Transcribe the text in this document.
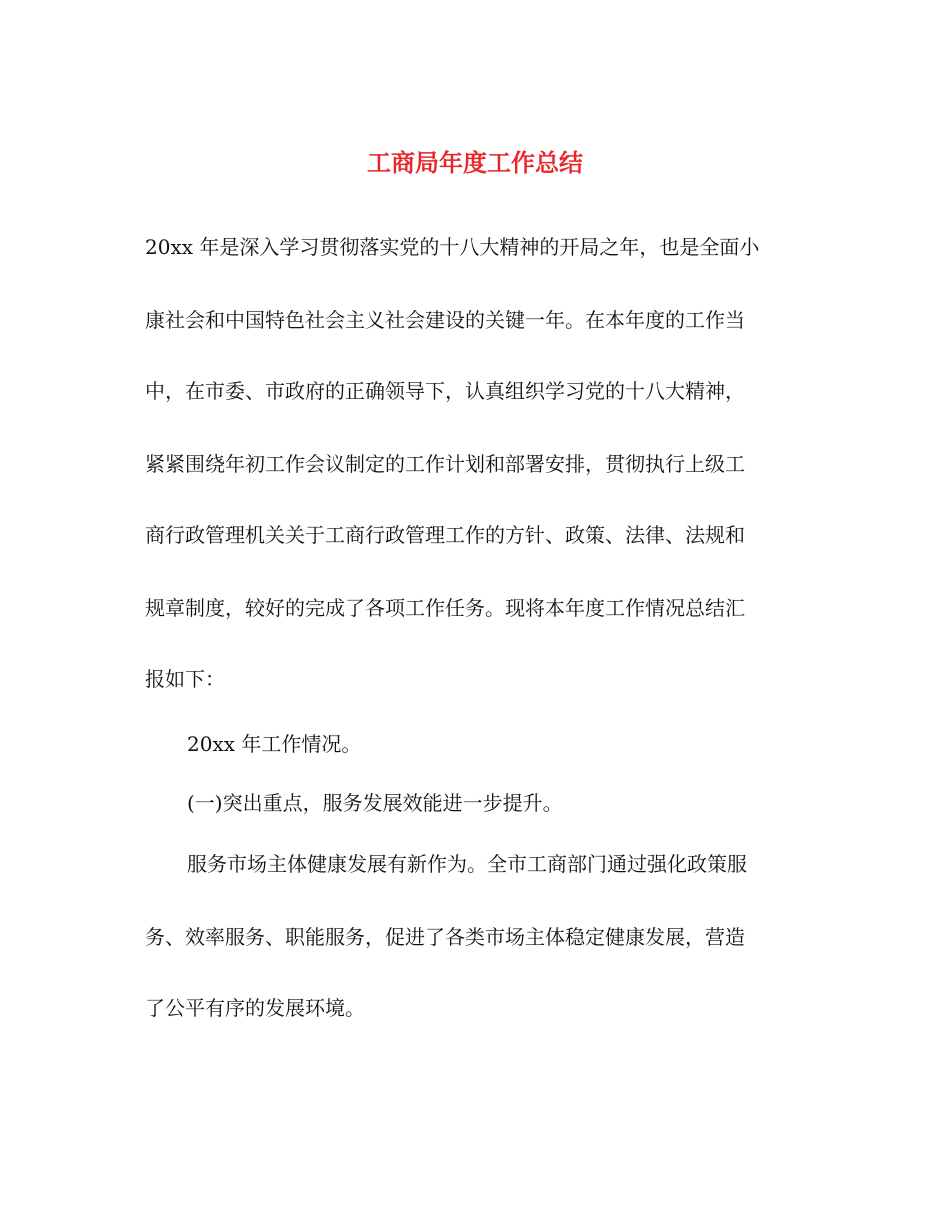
工商局年度工作总结

20xx 年是深入学习贯彻落实党的十八大精神的开局之年，也是全面小

康社会和中国特色社会主义社会建设的关键一年。在本年度的工作当

中，在市委、市政府的正确领导下，认真组织学习党的十八大精神，

紧紧围绕年初工作会议制定的工作计划和部署安排，贯彻执行上级工

商行政管理机关关于工商行政管理工作的方针、政策、法律、法规和

规章制度，较好的完成了各项工作任务。现将本年度工作情况总结汇

报如下：

20xx 年工作情况。

(一)突出重点，服务发展效能进一步提升。

服务市场主体健康发展有新作为。全市工商部门通过强化政策服

务、效率服务、职能服务，促进了各类市场主体稳定健康发展，营造

了公平有序的发展环境。
